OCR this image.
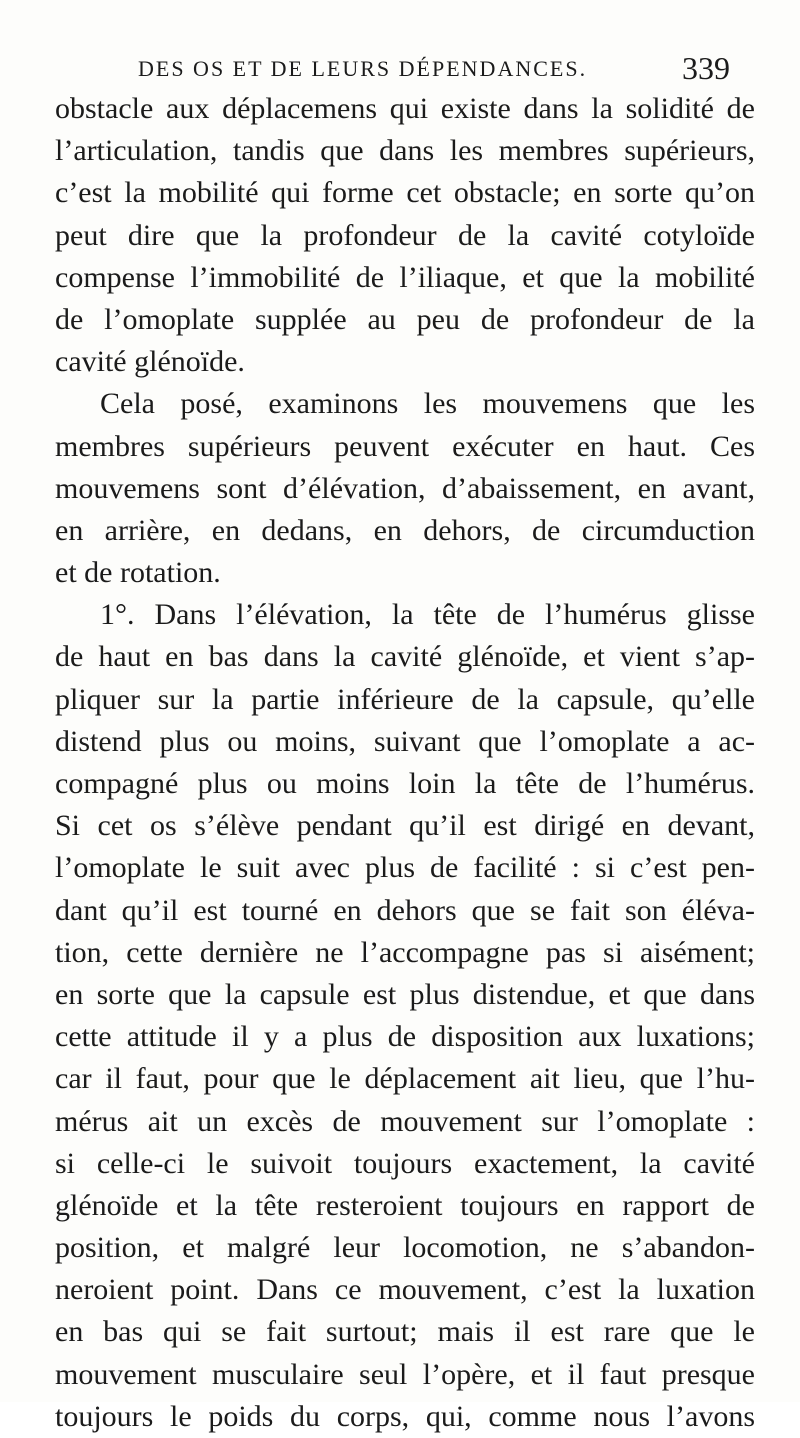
DES OS ET DE LEURS DÉPENDANCES.	339
obstacle aux déplacemens qui existe dans la solidité de
l’articulation, tandis que dans les membres supérieurs,
c’est la mobilité qui forme cet obstacle; en sorte qu’on
peut dire que la profondeur de la cavité cotyloïde
compense l’immobilité de l’iliaque, et que la mobilité
de l’omoplate supplée au peu de profondeur de la
cavité glénoïde.
Cela posé, examinons les mouvemens que les
membres supérieurs peuvent exécuter en haut. Ces
mouvemens sont d’élévation, d’abaissement, en avant,
en arrière, en dedans, en dehors, de circumduction
et de rotation.
1°. Dans l’élévation, la tête de l’humérus glisse
de haut en bas dans la cavité glénoïde, et vient s’ap-
pliquer sur la partie inférieure de la capsule, qu’elle
distend plus ou moins, suivant que l’omoplate a ac-
compagné plus ou moins loin la tête de l’humérus.
Si cet os s’élève pendant qu’il est dirigé en devant,
l’omoplate le suit avec plus de facilité : si c’est pen-
dant qu’il est tourné en dehors que se fait son éléva-
tion, cette dernière ne l’accompagne pas si aisément;
en sorte que la capsule est plus distendue, et que dans
cette attitude il y a plus de disposition aux luxations;
car il faut, pour que le déplacement ait lieu, que l’hu-
mérus ait un excès de mouvement sur l’omoplate :
si celle-ci le suivoit toujours exactement, la cavité
glénoïde et la tête resteroient toujours en rapport de
position, et malgré leur locomotion, ne s’abandon-
neroient point. Dans ce mouvement, c’est la luxation
en bas qui se fait surtout; mais il est rare que le
mouvement musculaire seul l’opère, et il faut presque
toujours le poids du corps, qui, comme nous l’avons
